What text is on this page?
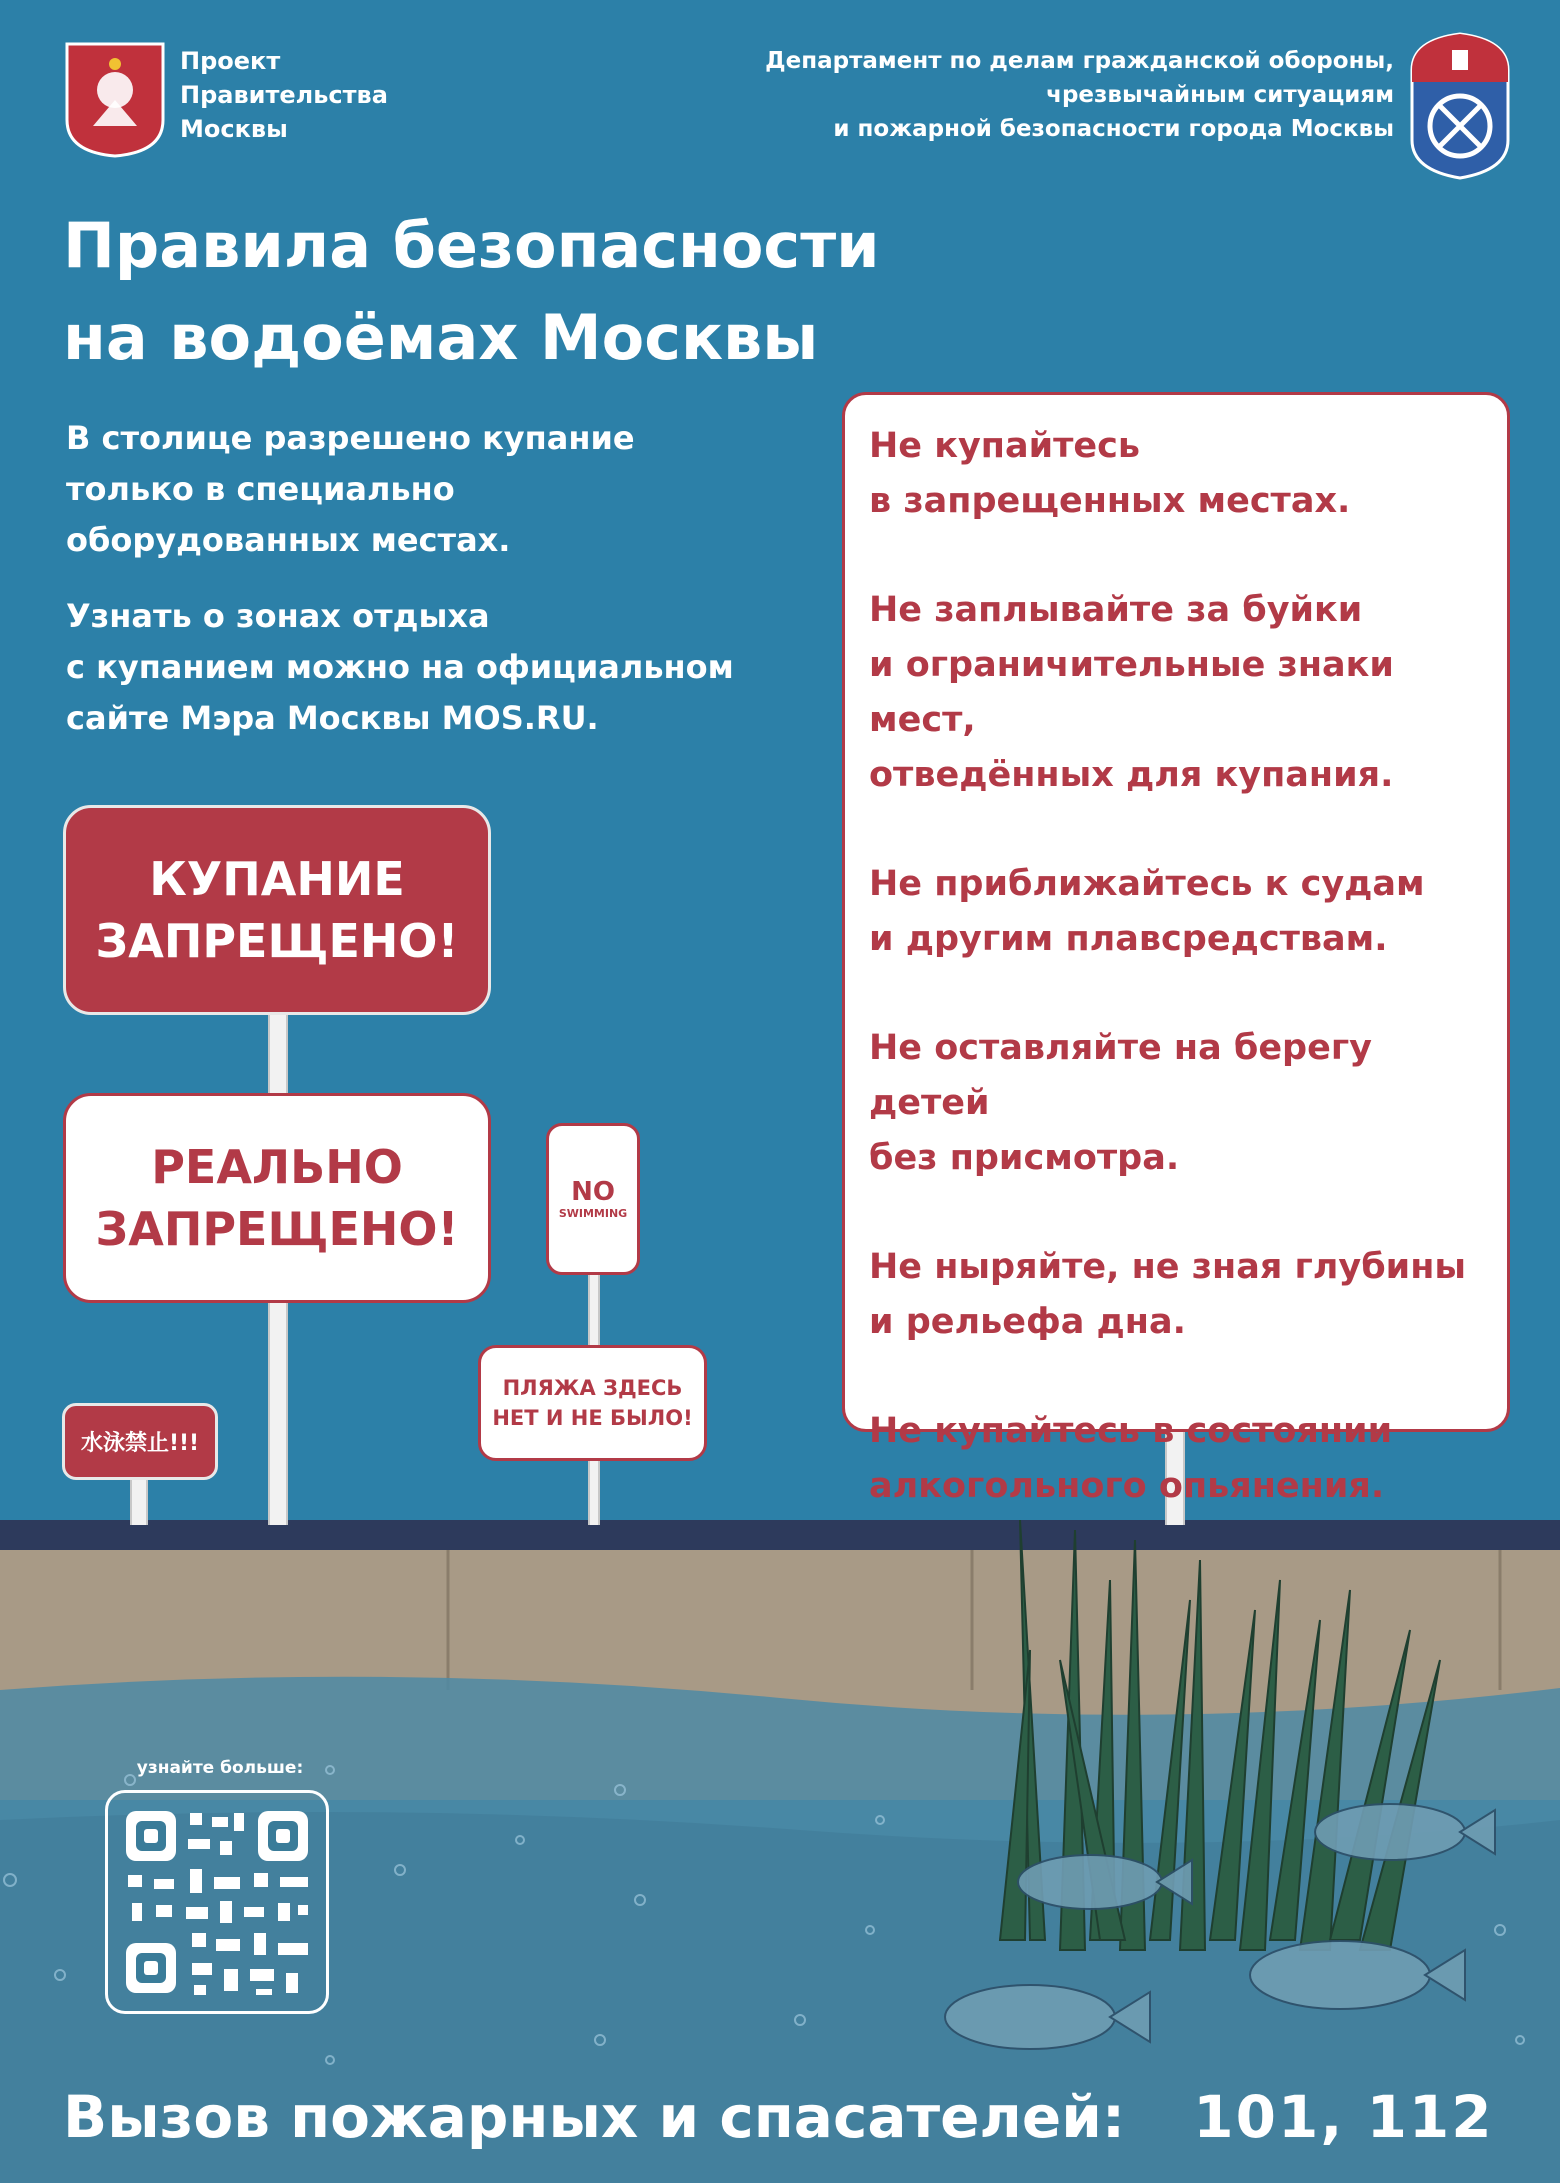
Проект
Правительства
Москвы
Департамент по делам гражданской обороны,
чрезвычайным ситуациям
и пожарной безопасности города Москвы
Правила безопасности
на водоёмах Москвы
В столице разрешено купание
только в специально
оборудованных местах.
Узнать о зонах отдыха
с купанием можно на официальном
сайте Мэра Москвы MOS.RU.
Не купайтесь
в запрещенных местах.
Не заплывайте за буйки
и ограничительные знаки мест,
отведённых для купания.
Не приближайтесь к судам
и другим плавсредствам.
Не оставляйте на берегу детей
без присмотра.
Не ныряйте, не зная глубины
и рельефа дна.
Не купайтесь в состоянии
алкогольного опьянения.
КУПАНИЕ
ЗАПРЕЩЕНО!
РЕАЛЬНО
ЗАПРЕЩЕНО!
NO
SWIMMING
ПЛЯЖА ЗДЕСЬ
НЕТ И НЕ БЫЛО!
水泳禁止!!!
узнайте больше:
Вызов пожарных и спасателей: 101, 112
